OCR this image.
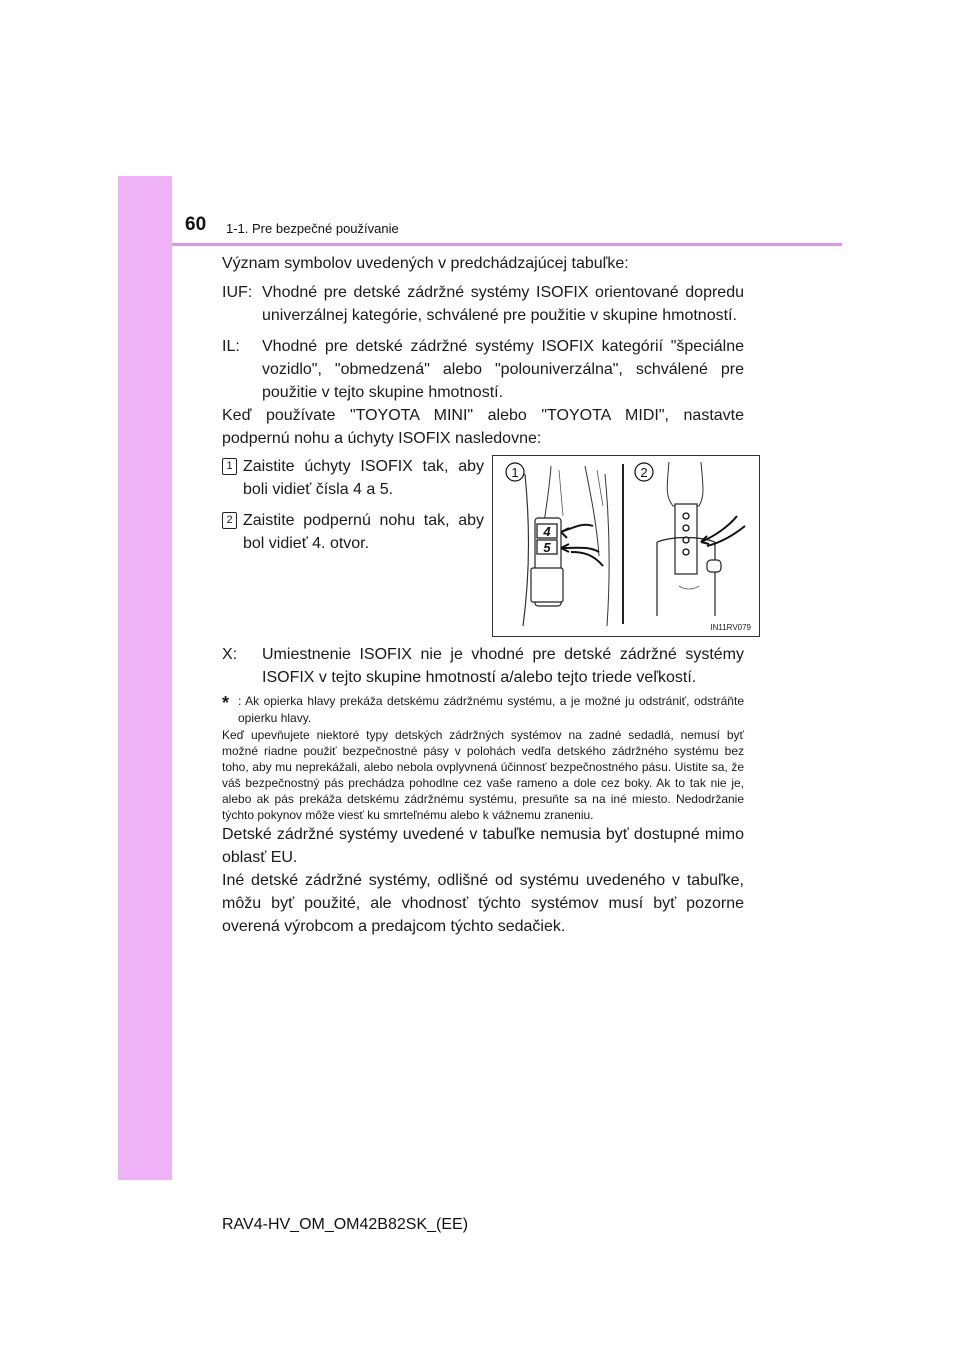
60 1-1. Pre bezpečné používanie

Význam symbolov uvedených v predchádzajúcej tabuľke:

IUF: Vhodné pre detské zádržné systémy ISOFIX orientované dopredu univerzálnej kategórie, schválené pre použitie v skupine hmotností.
IL:	Vhodné pre detské zádržné systémy ISOFIX kategórií "špeciálne vozidlo", "obmedzená" alebo "polouniverzálna", schválené pre použitie v tejto skupine hmotností.

Keď používate "TOYOTA MINI" alebo "TOYOTA MIDI", nastavte podpernú nohu a úchyty ISOFIX nasledovne:

1 Zaistite úchyty ISOFIX tak, aby boli vidieť čísla 4 a 5.
2 Zaistite podpernú nohu tak, aby bol vidieť 4. otvor.
4
5
1	2
IN11RV079
X:	Umiestnenie ISOFIX nie je vhodné pre detské zádržné systémy ISOFIX v tejto skupine hmotností a/alebo tejto triede veľkostí.
* : Ak opierka hlavy prekáža detskému zádržnému systému, a je možné ju odstrániť, odstráňte opierku hlavy.

Keď upevňujete niektoré typy detských zádržných systémov na zadné sedadlá, nemusí byť možné riadne použiť bezpečnostné pásy v polohách vedľa detského zádržného systému bez toho, aby mu neprekážali, alebo nebola ovplyvnená účinnosť bezpečnostného pásu. Uistite sa, že váš bezpečnostný pás prechádza pohodlne cez vaše rameno a dole cez boky. Ak to tak nie je, alebo ak pás prekáža detskému zádržnému systému, presuňte sa na iné miesto. Nedodržanie týchto pokynov môže viesť ku smrteľnému alebo k vážnemu zraneniu.

Detské zádržné systémy uvedené v tabuľke nemusia byť dostupné mimo oblasť EU.

Iné detské zádržné systémy, odlišné od systému uvedeného v tabuľke, môžu byť použité, ale vhodnosť týchto systémov musí byť pozorne overená výrobcom a predajcom týchto sedačiek.

RAV4-HV_OM_OM42B82SK_(EE)
